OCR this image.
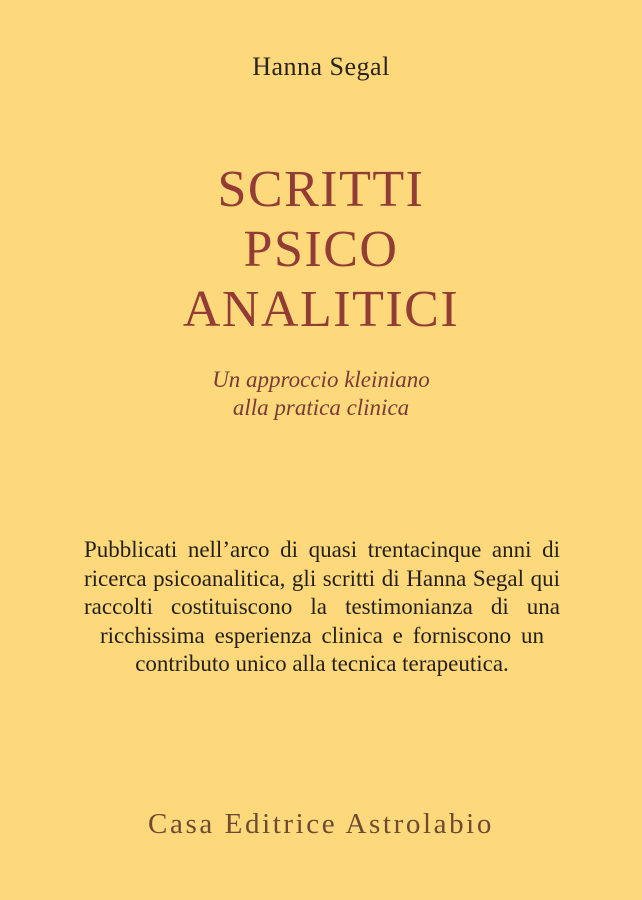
Hanna Segal
SCRITTI
PSICO
ANALITICI
Un approccio kleiniano
alla pratica clinica
Pubblicati nell’arco di quasi trentacinque anni di
ricerca psicoanalitica, gli scritti di Hanna Segal qui
raccolti costituiscono la testimonianza di una
ricchissima esperienza clinica e forniscono un
contributo unico alla tecnica terapeutica.
Casa Editrice Astrolabio
